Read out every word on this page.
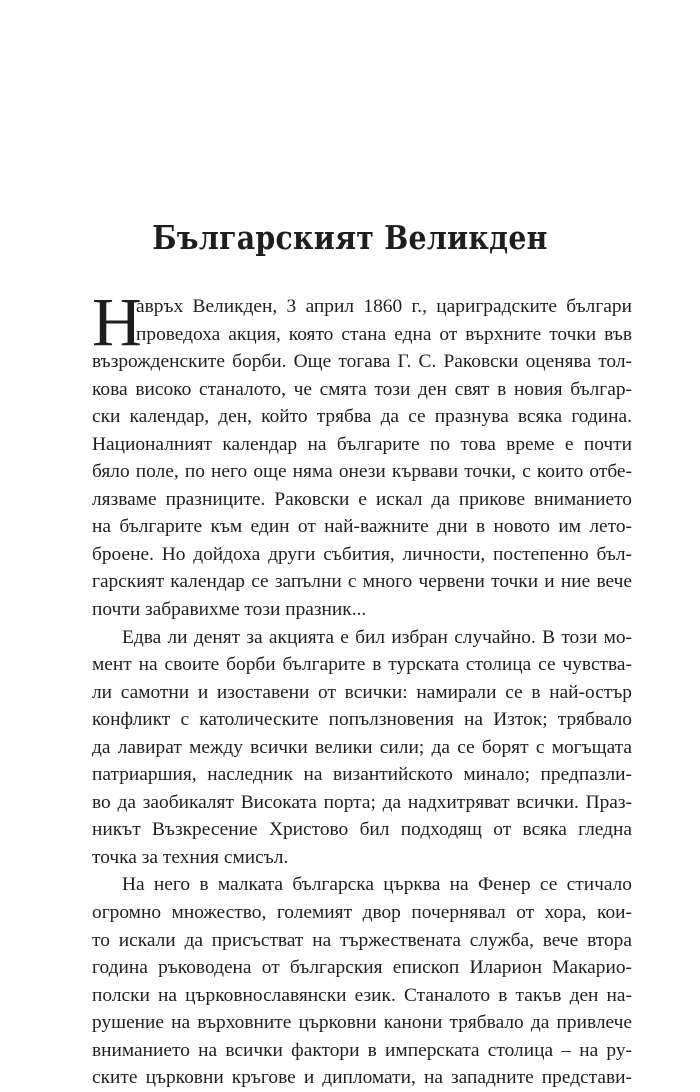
Българският Великден
Н
авръх Великден, 3 април 1860 г., цариградските българи
проведоха акция, която стана една от върхните точки във
възрожденските борби. Още тогава Г. С. Раковски оценява тол-
кова високо станалото, че смята този ден свят в новия българ-
ски календар, ден, който трябва да се празнува всяка година.
Националният календар на българите по това време е почти
бяло поле, по него още няма онези кървави точки, с които отбе-
лязваме празниците. Раковски е искал да прикове вниманието
на българите към един от най-важните дни в новото им лето-
броене. Но дойдоха други събития, личности, постепенно бъл-
гарският календар се запълни с много червени точки и ние вече
почти забравихме този празник...
Едва ли денят за акцията е бил избран случайно. В този мо-
мент на своите борби българите в турската столица се чувства-
ли самотни и изоставени от всички: намирали се в най-остър
конфликт с католическите попълзновения на Изток; трябвало
да лавират между всички велики сили; да се борят с могъщата
патриаршия, наследник на византийското минало; предпазли-
во да заобикалят Високата порта; да надхитряват всички. Праз-
никът Възкресение Христово бил подходящ от всяка гледна
точка за техния смисъл.
На него в малката българска църква на Фенер се стичало
огромно множество, големият двор почернявал от хора, кои-
то искали да присъстват на тържествената служба, вече втора
година ръководена от българския епископ Иларион Макарио-
полски на църковнославянски език. Станалото в такъв ден на-
рушение на върховните църковни канони трябвало да привлече
вниманието на всички фактори в имперската столица – на ру-
ските църковни кръгове и дипломати, на западните представи-
